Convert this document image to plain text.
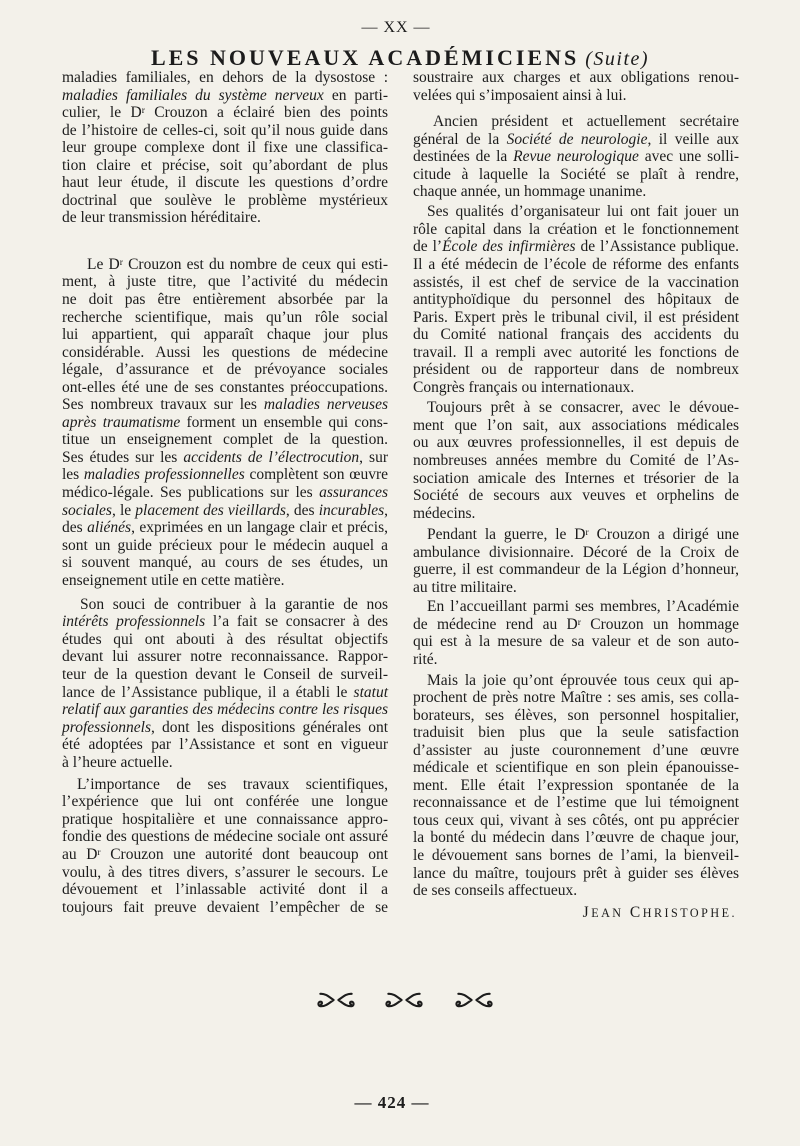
— XX —
LES NOUVEAUX ACADÉMICIENS (Suite)
maladies familiales, en dehors de la dysostose :
maladies familiales du système nerveux en parti-
culier, le $D^r$ Crouzon a éclairé bien des points
de l’histoire de celles-ci, soit qu’il nous guide dans
leur groupe complexe dont il fixe une classifica-
tion claire et précise, soit qu’abordant de plus
haut leur étude, il discute les questions d’ordre
doctrinal que soulève le problème mystérieux
de leur transmission héréditaire.
Le $D^r$ Crouzon est du nombre de ceux qui esti-
ment, à juste titre, que l’activité du médecin
ne doit pas être entièrement absorbée par la
recherche scientifique, mais qu’un rôle social
lui appartient, qui apparaît chaque jour plus
considérable. Aussi les questions de médecine
légale, d’assurance et de prévoyance sociales
ont-elles été une de ses constantes préoccupations.
Ses nombreux travaux sur les maladies nerveuses
après traumatisme forment un ensemble qui cons-
titue un enseignement complet de la question.
Ses études sur les accidents de l’électrocution, sur
les maladies professionnelles complètent son œuvre
médico-légale. Ses publications sur les assurances
sociales, le placement des vieillards, des incurables,
des aliénés, exprimées en un langage clair et précis,
sont un guide précieux pour le médecin auquel a
si souvent manqué, au cours de ses études, un
enseignement utile en cette matière.
Son souci de contribuer à la garantie de nos
intérêts professionnels l’a fait se consacrer à des
études qui ont abouti à des résultat objectifs
devant lui assurer notre reconnaissance. Rappor-
teur de la question devant le Conseil de surveil-
lance de l’Assistance publique, il a établi le statut
relatif aux garanties des médecins contre les risques
professionnels, dont les dispositions générales ont
été adoptées par l’Assistance et sont en vigueur
à l’heure actuelle.
L’importance de ses travaux scientifiques,
l’expérience que lui ont conférée une longue
pratique hospitalière et une connaissance appro-
fondie des questions de médecine sociale ont assuré
au $D^r$ Crouzon une autorité dont beaucoup ont
voulu, à des titres divers, s’assurer le secours. Le
dévouement et l’inlassable activité dont il a
toujours fait preuve devaient l’empêcher de se
soustraire aux charges et aux obligations renou-
velées qui s’imposaient ainsi à lui.
Ancien président et actuellement secrétaire
général de la Société de neurologie, il veille aux
destinées de la Revue neurologique avec une solli-
citude à laquelle la Société se plaît à rendre,
chaque année, un hommage unanime.
Ses qualités d’organisateur lui ont fait jouer un
rôle capital dans la création et le fonctionnement
de l’École des infirmières de l’Assistance publique.
Il a été médecin de l’école de réforme des enfants
assistés, il est chef de service de la vaccination
antityphoïdique du personnel des hôpitaux de
Paris. Expert près le tribunal civil, il est président
du Comité national français des accidents du
travail. Il a rempli avec autorité les fonctions de
président ou de rapporteur dans de nombreux
Congrès français ou internationaux.
Toujours prêt à se consacrer, avec le dévoue-
ment que l’on sait, aux associations médicales
ou aux œuvres professionnelles, il est depuis de
nombreuses années membre du Comité de l’As-
sociation amicale des Internes et trésorier de la
Société de secours aux veuves et orphelins de
médecins.
Pendant la guerre, le $D^r$ Crouzon a dirigé une
ambulance divisionnaire. Décoré de la Croix de
guerre, il est commandeur de la Légion d’honneur,
au titre militaire.
En l’accueillant parmi ses membres, l’Académie
de médecine rend au $D^r$ Crouzon un hommage
qui est à la mesure de sa valeur et de son auto-
rité.
Mais la joie qu’ont éprouvée tous ceux qui ap-
prochent de près notre Maître : ses amis, ses colla-
borateurs, ses élèves, son personnel hospitalier,
traduisit bien plus que la seule satisfaction
d’assister au juste couronnement d’une œuvre
médicale et scientifique en son plein épanouisse-
ment. Elle était l’expression spontanée de la
reconnaissance et de l’estime que lui témoignent
tous ceux qui, vivant à ses côtés, ont pu apprécier
la bonté du médecin dans l’œuvre de chaque jour,
le dévouement sans bornes de l’ami, la bienveil-
lance du maître, toujours prêt à guider ses élèves
de ses conseils affectueux.
JEAN CHRISTOPHE.
— 424 —
